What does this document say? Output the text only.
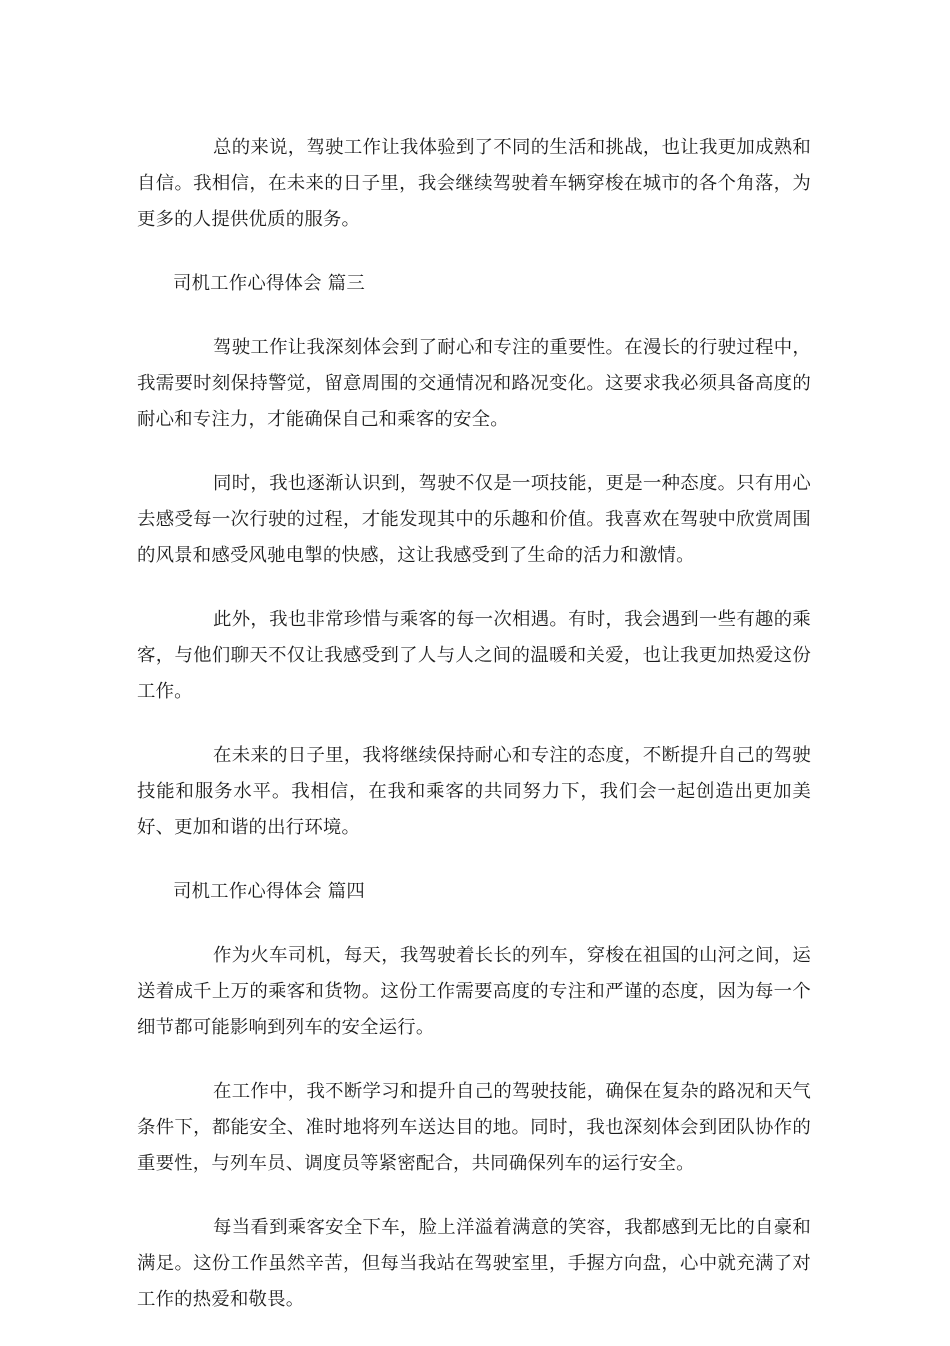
总的来说，驾驶工作让我体验到了不同的生活和挑战，也让我更加成熟和自信。我相信，在未来的日子里，我会继续驾驶着车辆穿梭在城市的各个角落，为更多的人提供优质的服务。

司机工作心得体会 篇三

驾驶工作让我深刻体会到了耐心和专注的重要性。在漫长的行驶过程中，我需要时刻保持警觉，留意周围的交通情况和路况变化。这要求我必须具备高度的耐心和专注力，才能确保自己和乘客的安全。

同时，我也逐渐认识到，驾驶不仅是一项技能，更是一种态度。只有用心去感受每一次行驶的过程，才能发现其中的乐趣和价值。我喜欢在驾驶中欣赏周围的风景和感受风驰电掣的快感，这让我感受到了生命的活力和激情。

此外，我也非常珍惜与乘客的每一次相遇。有时，我会遇到一些有趣的乘客，与他们聊天不仅让我感受到了人与人之间的温暖和关爱，也让我更加热爱这份工作。

在未来的日子里，我将继续保持耐心和专注的态度，不断提升自己的驾驶技能和服务水平。我相信，在我和乘客的共同努力下，我们会一起创造出更加美好、更加和谐的出行环境。

司机工作心得体会 篇四

作为火车司机，每天，我驾驶着长长的列车，穿梭在祖国的山河之间，运送着成千上万的乘客和货物。这份工作需要高度的专注和严谨的态度，因为每一个细节都可能影响到列车的安全运行。

在工作中，我不断学习和提升自己的驾驶技能，确保在复杂的路况和天气条件下，都能安全、准时地将列车送达目的地。同时，我也深刻体会到团队协作的重要性，与列车员、调度员等紧密配合，共同确保列车的运行安全。

每当看到乘客安全下车，脸上洋溢着满意的笑容，我都感到无比的自豪和满足。这份工作虽然辛苦，但每当我站在驾驶室里，手握方向盘，心中就充满了对工作的热爱和敬畏。
